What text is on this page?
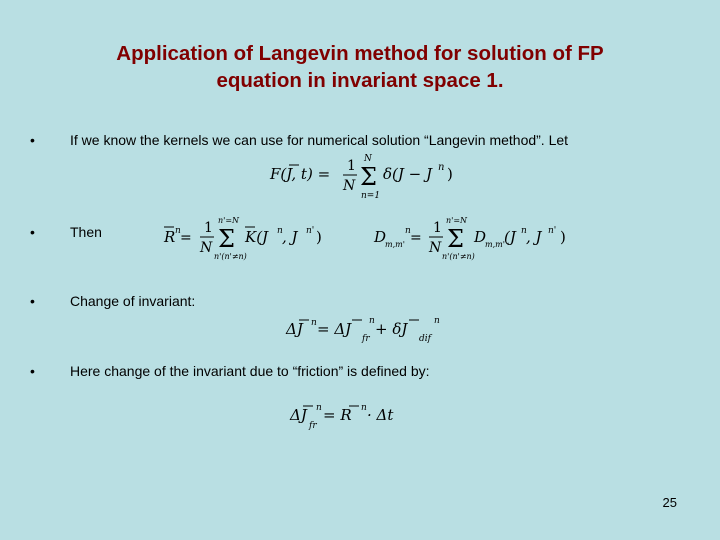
Application of Langevin method for solution of FP
equation in invariant space 1.
•	If we know the kernels we can use for numerical solution “Langevin method”. Let
F(J, t) = 1
N
N
Σ
n=1
δ(J − J n )
•	Then	R n =
1
N
n'=N
Σ
n'(n'≠n)
K(J n , J n' )	D
m,m'
n =
1
N
n'=N
Σ
n'(n'≠n)
D
m,m' (J n , J n' )
•	Change of invariant:
ΔJ n = ΔJ
fr
n + δJ
dif
n
•	Here change of the invariant due to “friction” is defined by:
ΔJ
fr
n = R n · Δt
25
